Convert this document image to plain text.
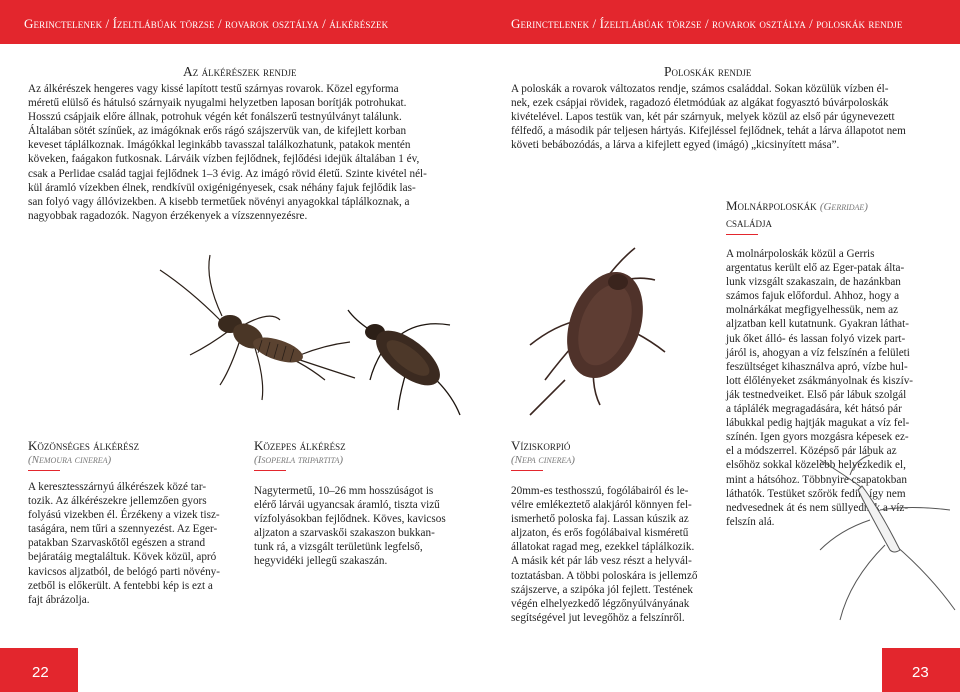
Gerinctelenek / Ízeltlábúak törzse / rovarok osztálya / álkérészek
Az álkérészek rendje
Az álkérészek hengeres vagy kissé lapított testű szárnyas rovarok. Közel egyforma
méretű elülső és hátulsó szárnyaik nyugalmi helyzetben laposan borítják potrohukat.
Hosszú csápjaik előre állnak, potrohuk végén két fonálszerű testnyúlványt találunk.
Általában sötét színűek, az imágóknak erős rágó szájszervük van, de kifejlett korban
keveset táplálkoznak. Imágókkal leginkább tavasszal találkozhatunk, patakok mentén
köveken, faágakon futkosnak. Lárváik vízben fejlődnek, fejlődési idejük általában 1 év,
csak a Perlidae család tagjai fejlődnek 1–3 évig. Az imágó rövid életű. Szinte kivétel nél-
kül áramló vízekben élnek, rendkívül oxigénigényesek, csak néhány fajuk fejlődik las-
san folyó vagy állóvizekben. A kisebb termetűek növényi anyagokkal táplálkoznak, a
nagyobbak ragadozók. Nagyon érzékenyek a vízszennyezésre.
Közönséges álkérész
(Nemoura cinerea)
A keresztesszárnyú álkérészek közé tar-
tozik. Az álkérészekre jellemzően gyors
folyású vizekben él. Érzékeny a vizek tisz-
taságára, nem tűri a szennyezést. Az Eger-
patakban Szarvaskőtől egészen a strand
bejáratáig megtaláltuk. Kövek közül, apró
kavicsos aljzatból, de belógó parti növény-
zetből is előkerült. A fentebbi kép is ezt a
fajt ábrázolja.
Közepes álkérész
(Isoperla tripartita)
Nagytermetű, 10–26 mm hosszúságot is
elérő lárvái ugyancsak áramló, tiszta vizű
vízfolyásokban fejlődnek. Köves, kavicsos
aljzaton a szarvaskői szakaszon bukkan-
tunk rá, a vizsgált területünk legfelső,
hegyvidéki jellegű szakaszán.
22
Gerinctelenek / Ízeltlábúak törzse / rovarok osztálya / poloskák rendje
Poloskák rendje
A poloskák a rovarok változatos rendje, számos családdal. Sokan közülük vízben él-
nek, ezek csápjai rövidek, ragadozó életmódúak az algákat fogyasztó búvárpoloskák
kivételével. Lapos testük van, két pár szárnyuk, melyek közül az első pár úgynevezett
félfedő, a második pár teljesen hártyás. Kifejléssel fejlődnek, tehát a lárva állapotot nem
követi bebábozódás, a lárva a kifejlett egyed (imágó) „kicsinyített mása”.
Molnárpoloskák (Gerridae)
családja
A molnárpoloskák közül a Gerris
argentatus került elő az Eger-patak álta-
lunk vizsgált szakaszain, de hazánkban
számos fajuk előfordul. Ahhoz, hogy a
molnárkákat megfigyelhessük, nem az
aljzatban kell kutatnunk. Gyakran láthat-
juk őket álló- és lassan folyó vizek part-
járól is, ahogyan a víz felszínén a felületi
feszültséget kihasználva apró, vízbe hul-
lott élőlényeket zsákmányolnak és kiszív-
ják testnedveiket. Első pár lábuk szolgál
a táplálék megragadására, két hátsó pár
lábukkal pedig hajtják magukat a víz fel-
színén. Igen gyors mozgásra képesek ez-
el a módszerrel. Középső pár lábuk az
elsőhöz sokkal közelebb helyezkedik el,
mint a hátsóhoz. Többnyire csapatokban
láthatók. Testüket szőrök fedik, így nem
nedvesednek át és nem süllyednek a víz-
felszín alá.
Víziskorpió
(Nepa cinerea)
20mm-es testhosszú, fogólábairól és le-
vélre emlékeztető alakjáról könnyen fel-
ismerhető poloska faj. Lassan kúszik az
aljzaton, és erős fogólábaival kisméretű
állatokat ragad meg, ezekkel táplálkozik.
A másik két pár láb vesz részt a helyvál-
toztatásban. A többi poloskára is jellemző
szájszerve, a szipóka jól fejlett. Testének
végén elhelyezkedő légzőnyúlványának
segítségével jut levegőhöz a felszínről.
23
